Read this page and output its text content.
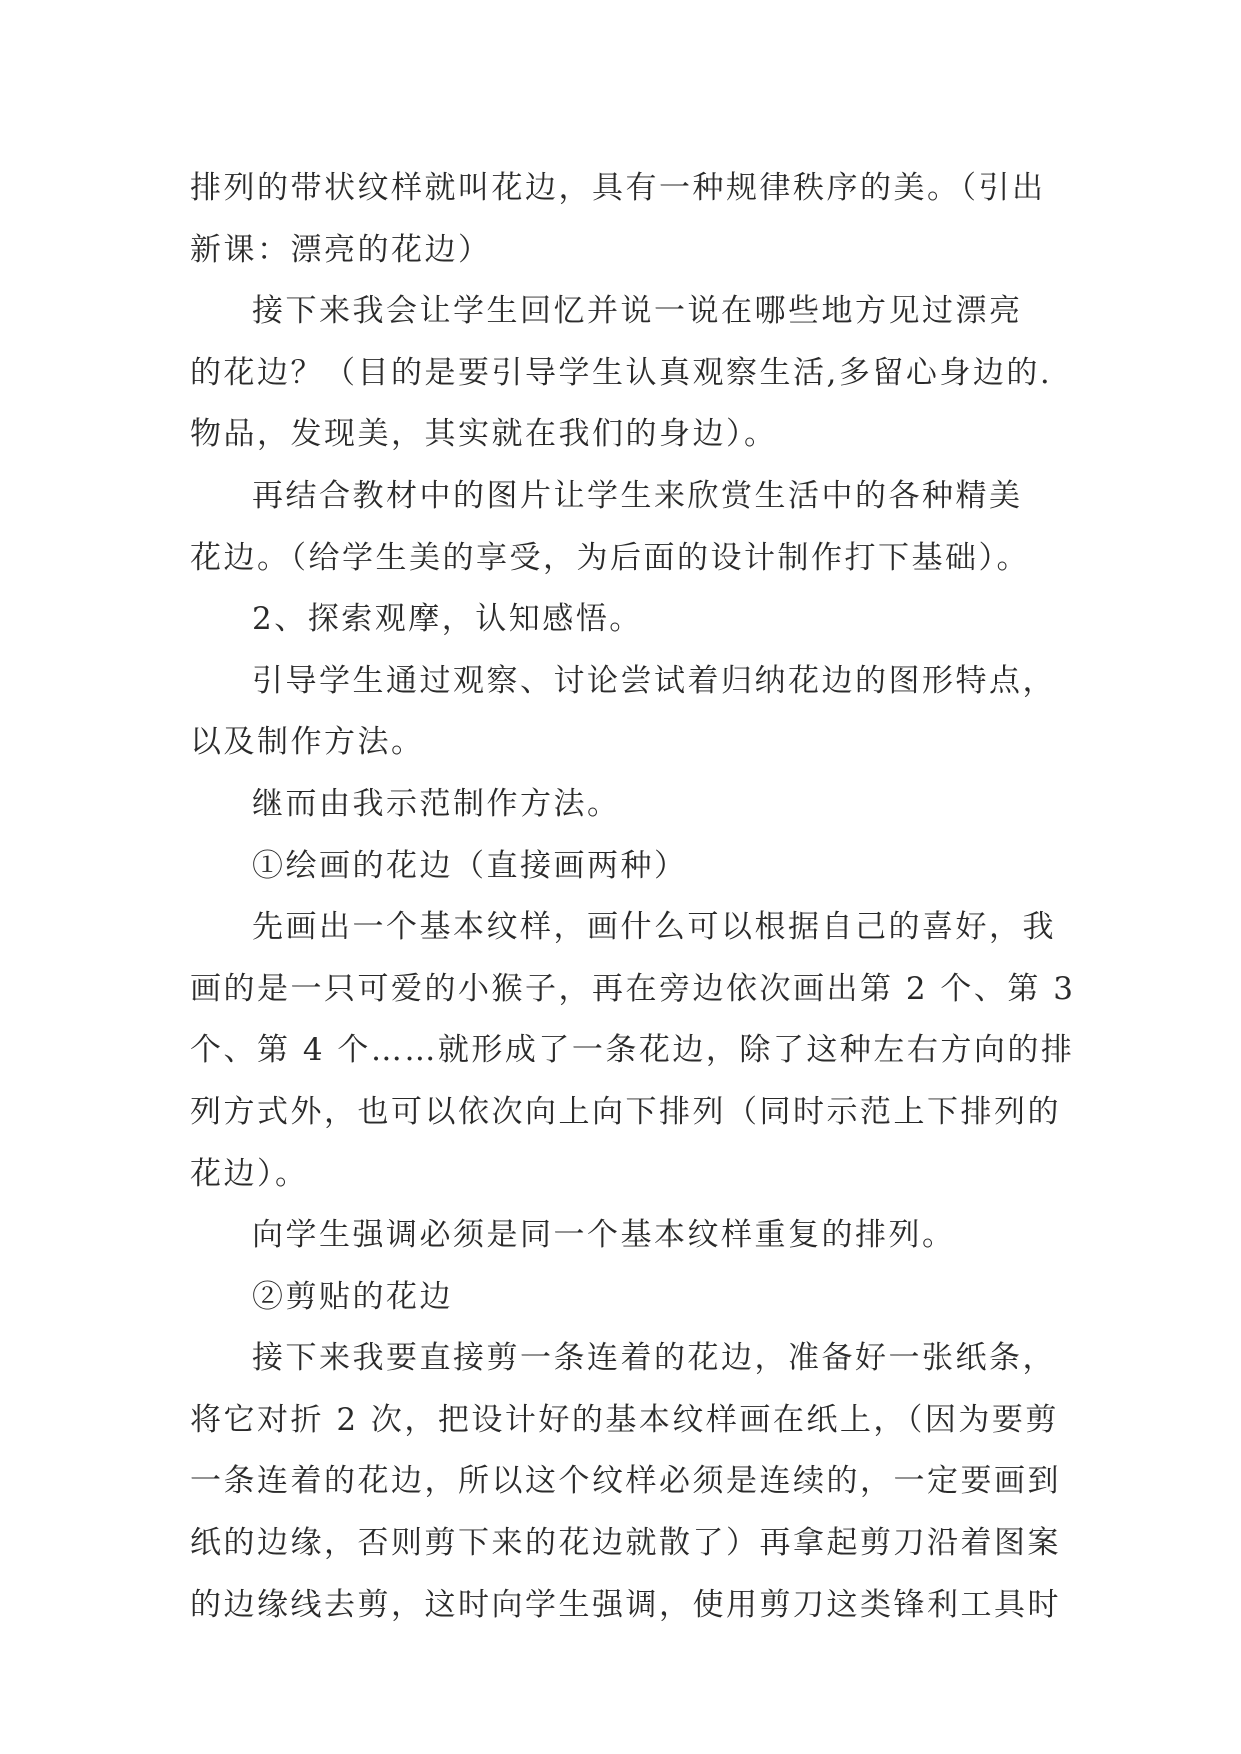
排列的带状纹样就叫花边，具有一种规律秩序的美。（引出

新课：漂亮的花边）

接下来我会让学生回忆并说一说在哪些地方见过漂亮

的花边？（目的是要引导学生认真观察生活,多留心身边的.

物品，发现美，其实就在我们的身边）。

再结合教材中的图片让学生来欣赏生活中的各种精美

花边。（给学生美的享受，为后面的设计制作打下基础）。

2、探索观摩，认知感悟。

引导学生通过观察、讨论尝试着归纳花边的图形特点，

以及制作方法。

继而由我示范制作方法。

①绘画的花边（直接画两种）

先画出一个基本纹样，画什么可以根据自己的喜好，我

画的是一只可爱的小猴子，再在旁边依次画出第 2 个、第 3

个、第 4 个……就形成了一条花边，除了这种左右方向的排

列方式外，也可以依次向上向下排列（同时示范上下排列的

花边）。

向学生强调必须是同一个基本纹样重复的排列。

②剪贴的花边

接下来我要直接剪一条连着的花边，准备好一张纸条，

将它对折 2 次，把设计好的基本纹样画在纸上，（因为要剪

一条连着的花边，所以这个纹样必须是连续的，一定要画到

纸的边缘，否则剪下来的花边就散了）再拿起剪刀沿着图案

的边缘线去剪，这时向学生强调，使用剪刀这类锋利工具时
